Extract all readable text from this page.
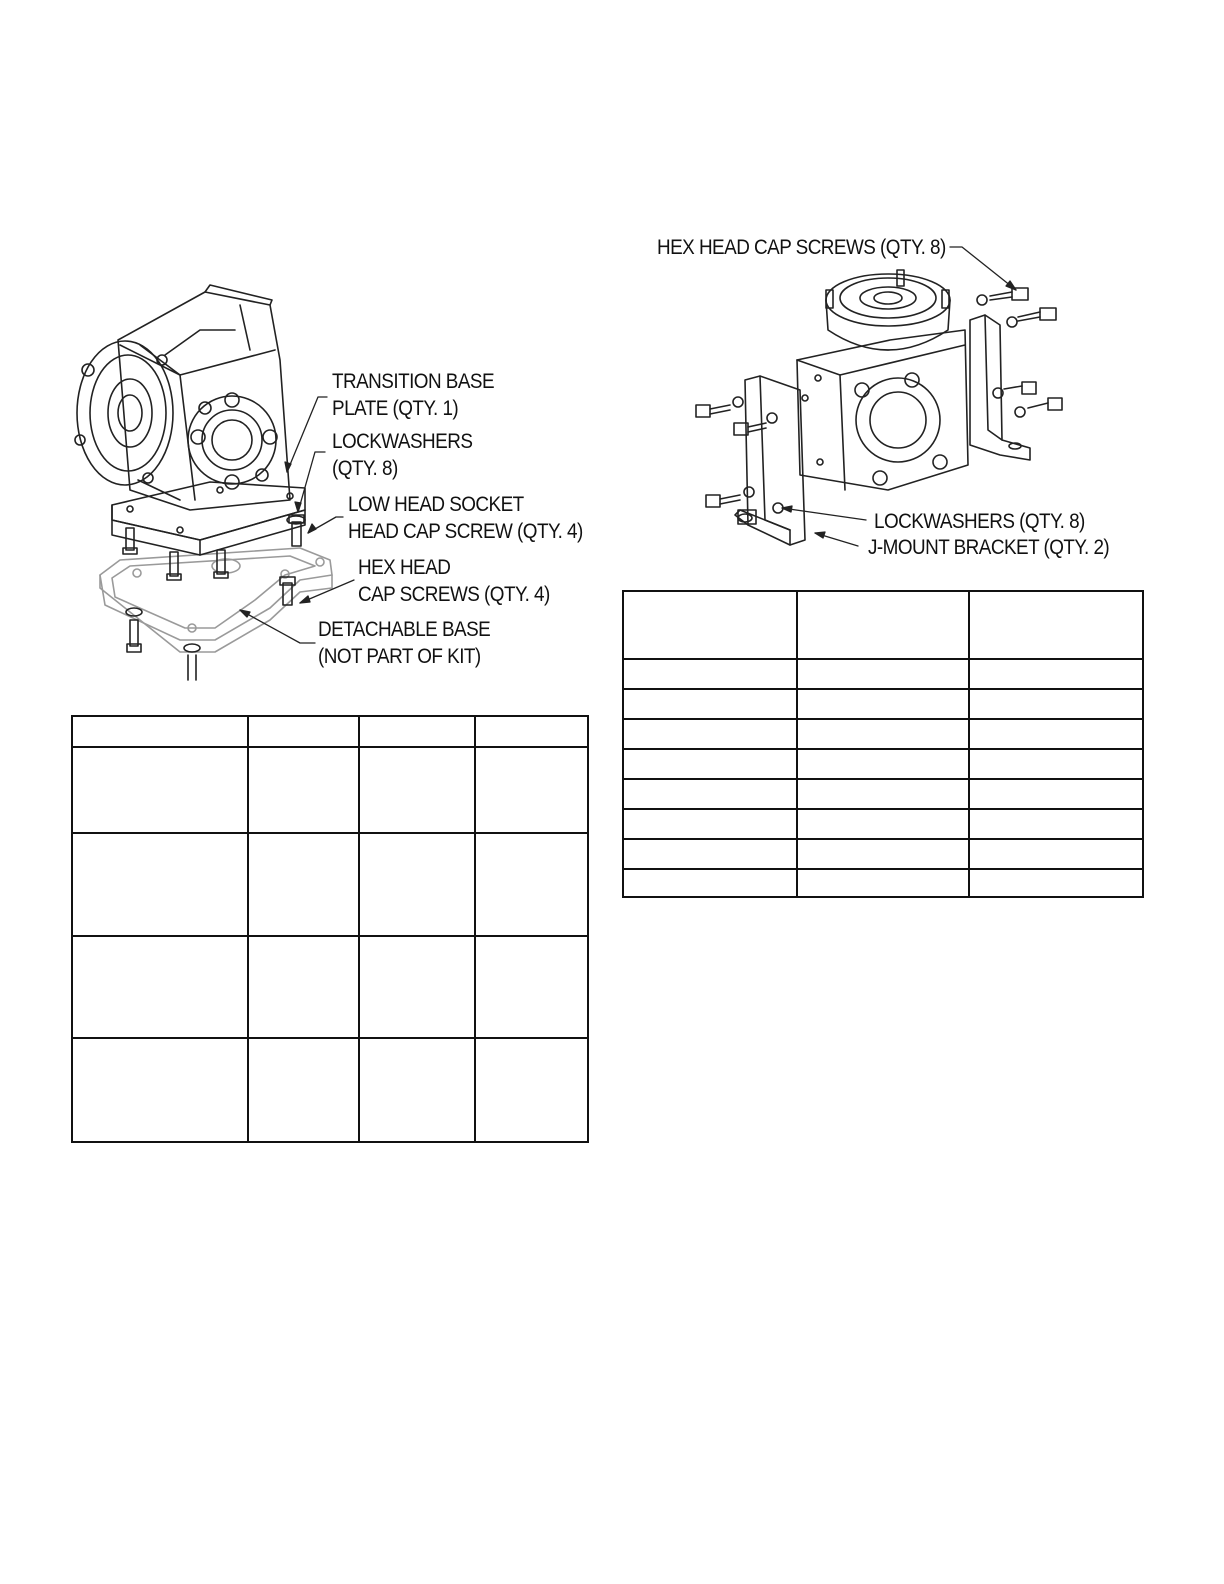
TRANSITION BASE
PLATE (QTY. 1)
LOCKWASHERS
(QTY. 8)
LOW HEAD SOCKET
HEAD CAP SCREW (QTY. 4)
HEX HEAD
CAP SCREWS (QTY. 4)
DETACHABLE BASE
(NOT PART OF KIT)
HEX HEAD CAP SCREWS (QTY. 8)
LOCKWASHERS (QTY. 8)
J-MOUNT BRACKET (QTY. 2)
